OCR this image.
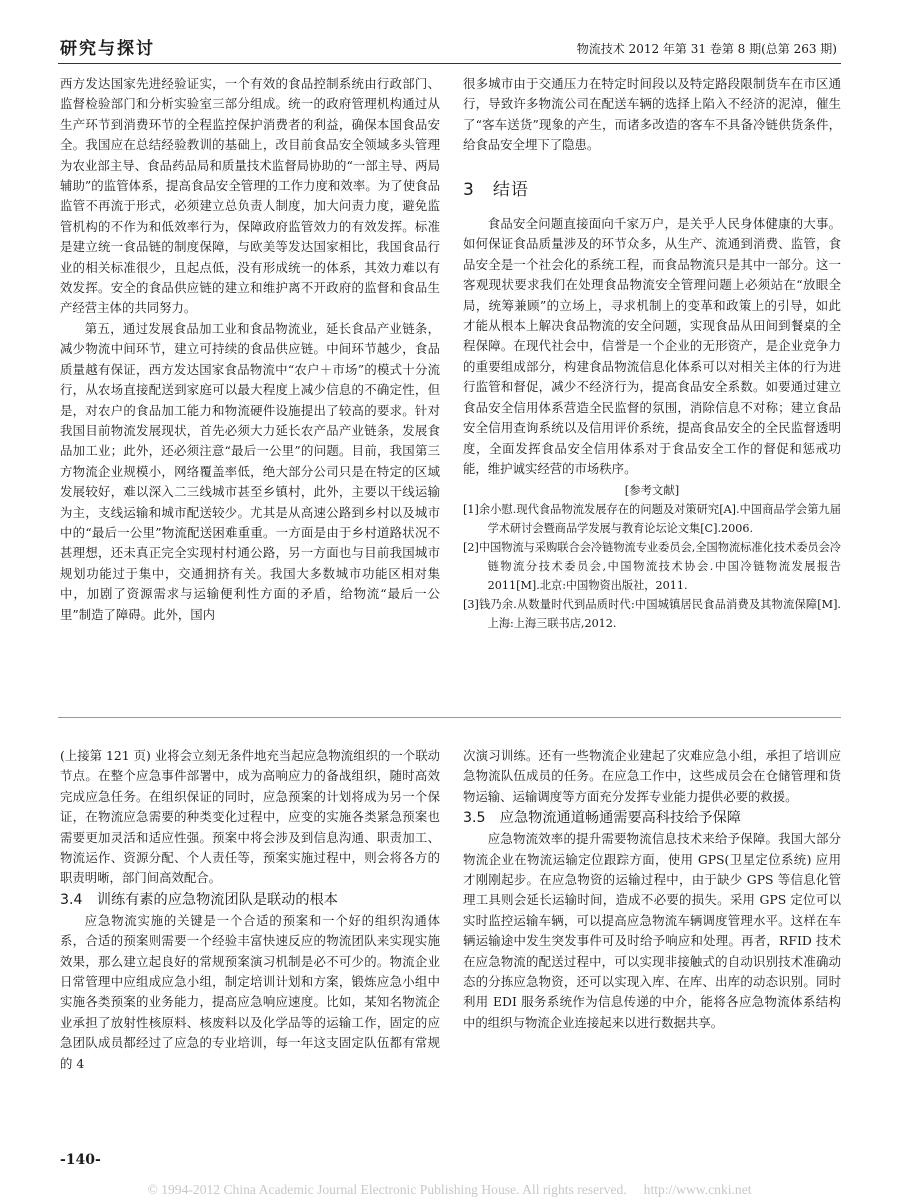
研究与探讨	物流技术 2012 年第 31 卷第 8 期(总第 263 期)

西方发达国家先进经验证实，一个有效的食品控制系统由行政部门、监督检验部门和分析实验室三部分组成。统一的政府管理机构通过从生产环节到消费环节的全程监控保护消费者的利益，确保本国食品安全。我国应在总结经验教训的基础上，改目前食品安全领域多头管理为农业部主导、食品药品局和质量技术监督局协助的“一部主导、两局辅助”的监管体系，提高食品安全管理的工作力度和效率。为了使食品监管不再流于形式，必须建立总负责人制度，加大问责力度，避免监管机构的不作为和低效率行为，保障政府监管效力的有效发挥。标准是建立统一食品链的制度保障，与欧美等发达国家相比，我国食品行业的相关标准很少，且起点低，没有形成统一的体系，其效力难以有效发挥。安全的食品供应链的建立和维护离不开政府的监督和食品生产经营主体的共同努力。

第五，通过发展食品加工业和食品物流业，延长食品产业链条，减少物流中间环节，建立可持续的食品供应链。中间环节越少，食品质量越有保证，西方发达国家食品物流中“农户＋市场”的模式十分流行，从农场直接配送到家庭可以最大程度上减少信息的不确定性，但是，对农户的食品加工能力和物流硬件设施提出了较高的要求。针对我国目前物流发展现状，首先必须大力延长农产品产业链条，发展食品加工业；此外，还必须注意“最后一公里”的问题。目前，我国第三方物流企业规模小，网络覆盖率低，绝大部分公司只是在特定的区域发展较好，难以深入二三线城市甚至乡镇村，此外，主要以干线运输为主，支线运输和城市配送较少。尤其是从高速公路到乡村以及城市中的“最后一公里”物流配送困难重重。一方面是由于乡村道路状况不甚理想，还未真正完全实现村村通公路，另一方面也与目前我国城市规划功能过于集中，交通拥挤有关。我国大多数城市功能区相对集中，加剧了资源需求与运输便利性方面的矛盾，给物流“最后一公里”制造了障碍。此外，国内

很多城市由于交通压力在特定时间段以及特定路段限制货车在市区通行，导致许多物流公司在配送车辆的选择上陷入不经济的泥淖，催生了“客车送货”现象的产生，而诸多改造的客车不具备冷链供货条件，给食品安全埋下了隐患。

3　结语

食品安全问题直接面向千家万户，是关乎人民身体健康的大事。如何保证食品质量涉及的环节众多，从生产、流通到消费、监管，食品安全是一个社会化的系统工程，而食品物流只是其中一部分。这一客观现状要求我们在处理食品物流安全管理问题上必须站在“放眼全局，统筹兼顾”的立场上，寻求机制上的变革和政策上的引导，如此才能从根本上解决食品物流的安全问题，实现食品从田间到餐桌的全程保障。在现代社会中，信誉是一个企业的无形资产，是企业竞争力的重要组成部分，构建食品物流信息化体系可以对相关主体的行为进行监管和督促，减少不经济行为，提高食品安全系数。如要通过建立食品安全信用体系营造全民监督的氛围，消除信息不对称；建立食品安全信用查询系统以及信用评价系统，提高食品安全的全民监督透明度，全面发挥食品安全信用体系对于食品安全工作的督促和惩戒功能，维护诚实经营的市场秩序。

[参考文献]

[1]余小慰.现代食品物流发展存在的问题及对策研究[A].中国商品学会第九届学术研讨会暨商品学发展与教育论坛论文集[C].2006.

[2]中国物流与采购联合会冷链物流专业委员会,全国物流标准化技术委员会冷链物流分技术委员会,中国物流技术协会.中国冷链物流发展报告 2011[M].北京:中国物资出版社，2011.

[3]钱乃余.从数量时代到品质时代:中国城镇居民食品消费及其物流保障[M].上海:上海三联书店,2012.

(上接第 121 页) 业将会立刻无条件地充当起应急物流组织的一个联动节点。在整个应急事件部署中，成为高响应力的备战组织，随时高效完成应急任务。在组织保证的同时，应急预案的计划将成为另一个保证，在物流应急需要的种类变化过程中，应变的实施各类紧急预案也需要更加灵活和适应性强。预案中将会涉及到信息沟通、职责加工、物流运作、资源分配、个人责任等，预案实施过程中，则会将各方的职责明晰，部门间高效配合。

3.4　训练有素的应急物流团队是联动的根本

应急物流实施的关键是一个合适的预案和一个好的组织沟通体系，合适的预案则需要一个经验丰富快速反应的物流团队来实现实施效果，那么建立起良好的常规预案演习机制是必不可少的。物流企业日常管理中应组成应急小组，制定培训计划和方案，锻炼应急小组中实施各类预案的业务能力，提高应急响应速度。比如，某知名物流企业承担了放射性核原料、核废料以及化学品等的运输工作，固定的应急团队成员都经过了应急的专业培训，每一年这支固定队伍都有常规的 4

次演习训练。还有一些物流企业建起了灾难应急小组，承担了培训应急物流队伍成员的任务。在应急工作中，这些成员会在仓储管理和货物运输、运输调度等方面充分发挥专业能力提供必要的救援。

3.5　应急物流通道畅通需要高科技给予保障

应急物流效率的提升需要物流信息技术来给予保障。我国大部分物流企业在物流运输定位跟踪方面，使用 GPS(卫星定位系统) 应用才刚刚起步。在应急物资的运输过程中，由于缺少 GPS 等信息化管理工具则会延长运输时间，造成不必要的损失。采用 GPS 定位可以实时监控运输车辆，可以提高应急物流车辆调度管理水平。这样在车辆运输途中发生突发事件可及时给予响应和处理。再者，RFID 技术在应急物流的配送过程中，可以实现非接触式的自动识别技术准确动态的分拣应急物资，还可以实现入库、在库、出库的动态识别。同时利用 EDI 服务系统作为信息传递的中介，能将各应急物流体系结构中的组织与物流企业连接起来以进行数据共享。

-140-
© 1994-2012 China Academic Journal Electronic Publishing House. All rights reserved.　 http://www.cnki.net
